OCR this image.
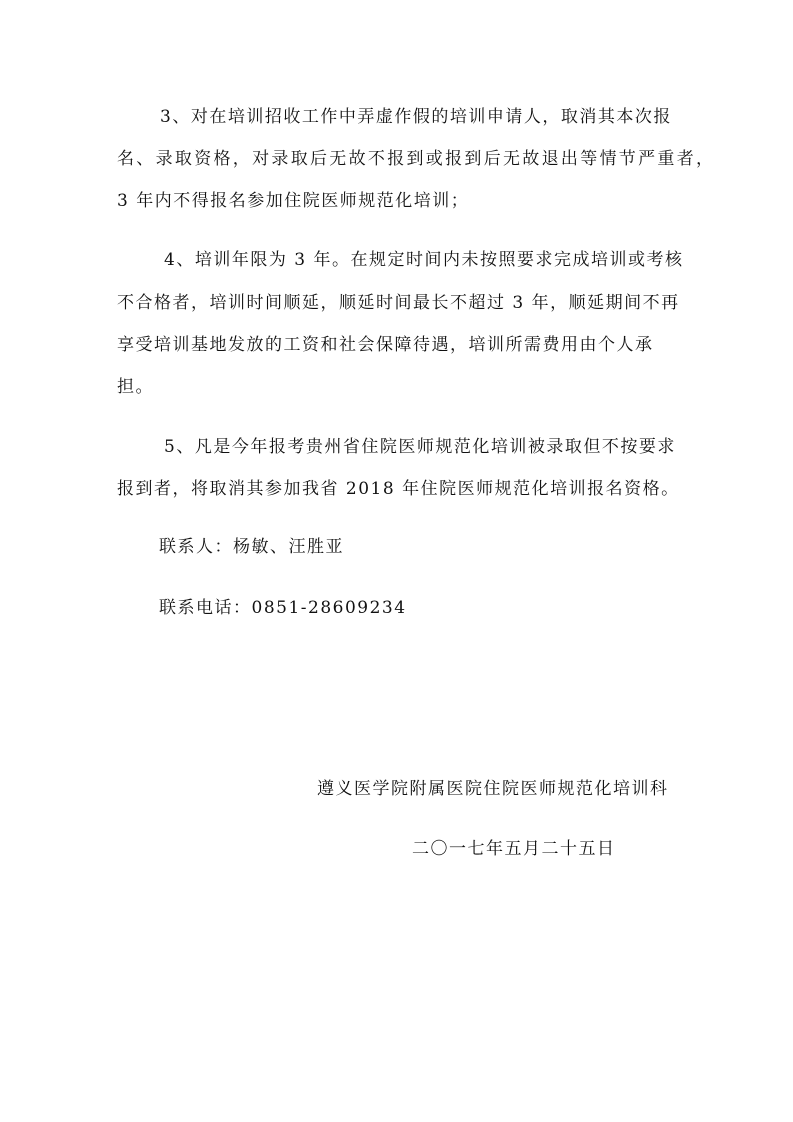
3、对在培训招收工作中弄虚作假的培训申请人，取消其本次报
名、录取资格，对录取后无故不报到或报到后无故退出等情节严重者，
3 年内不得报名参加住院医师规范化培训；
4、培训年限为 3 年。在规定时间内未按照要求完成培训或考核
不合格者，培训时间顺延，顺延时间最长不超过 3 年，顺延期间不再
享受培训基地发放的工资和社会保障待遇，培训所需费用由个人承
担。
5、凡是今年报考贵州省住院医师规范化培训被录取但不按要求
报到者，将取消其参加我省 2018 年住院医师规范化培训报名资格。
联系人：杨敏、汪胜亚
联系电话：0851-28609234
遵义医学院附属医院住院医师规范化培训科
二〇一七年五月二十五日
